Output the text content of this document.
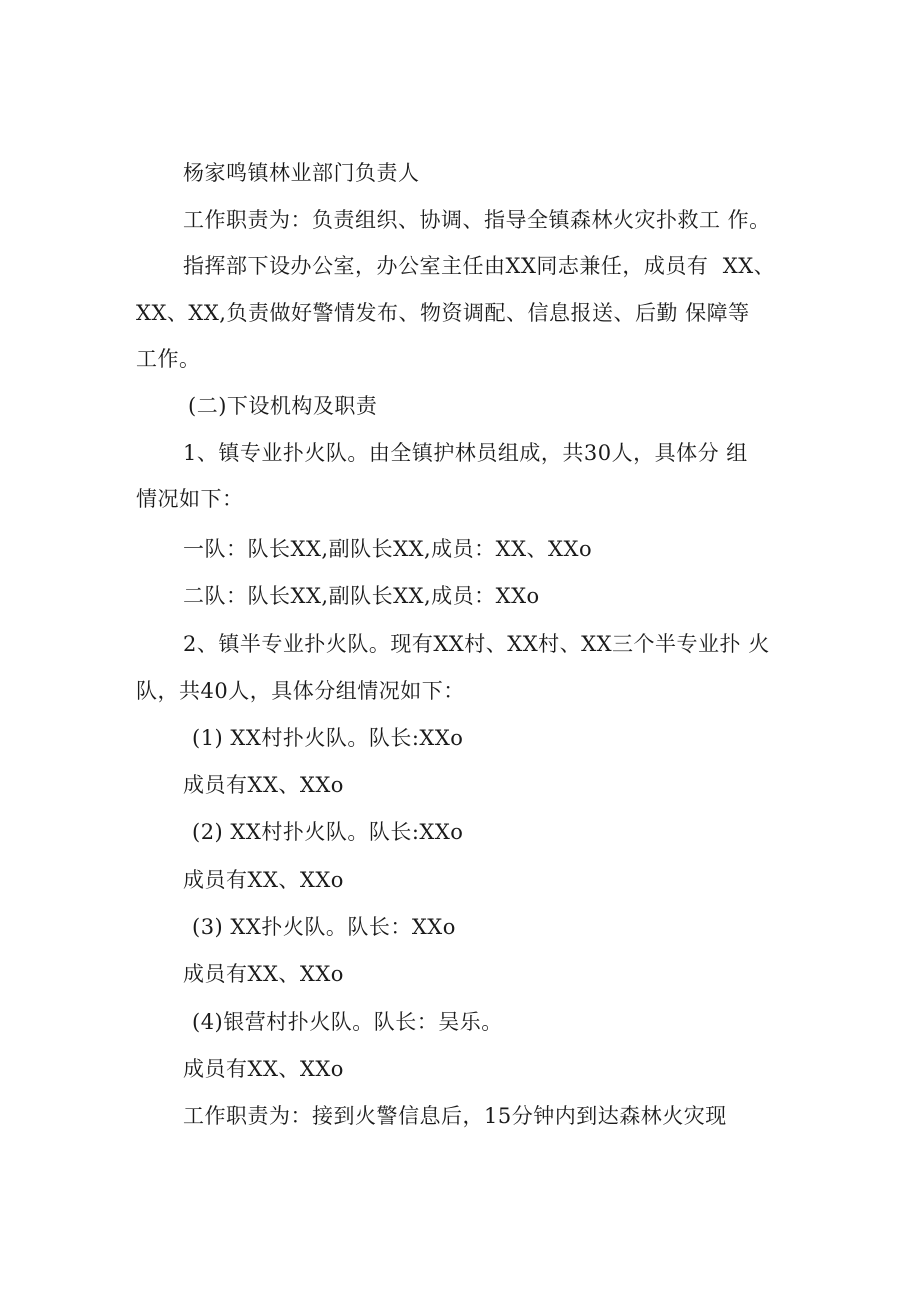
杨家鸣镇林业部门负责人
工作职责为：负责组织、协调、指导全镇森林火灾扑救工 作。
指挥部下设办公室，办公室主任由XX同志兼任，成员有  XX、
XX、XX,负责做好警情发布、物资调配、信息报送、后勤 保障等
工作。
(二)下设机构及职责
1、镇专业扑火队。由全镇护林员组成，共30人，具体分 组
情况如下：
一队：队长XX,副队长XX,成员：XX、XXo
二队：队长XX,副队长XX,成员：XXo
2、镇半专业扑火队。现有XX村、XX村、XX三个半专业扑 火
队，共40人，具体分组情况如下：
(1) XX村扑火队。队长:XXo
成员有XX、XXo
(2) XX村扑火队。队长:XXo
成员有XX、XXo
(3) XX扑火队。队长：XXo
成员有XX、XXo
(4)银营村扑火队。队长：吴乐。
成员有XX、XXo
工作职责为：接到火警信息后，15分钟内到达森林火灾现
